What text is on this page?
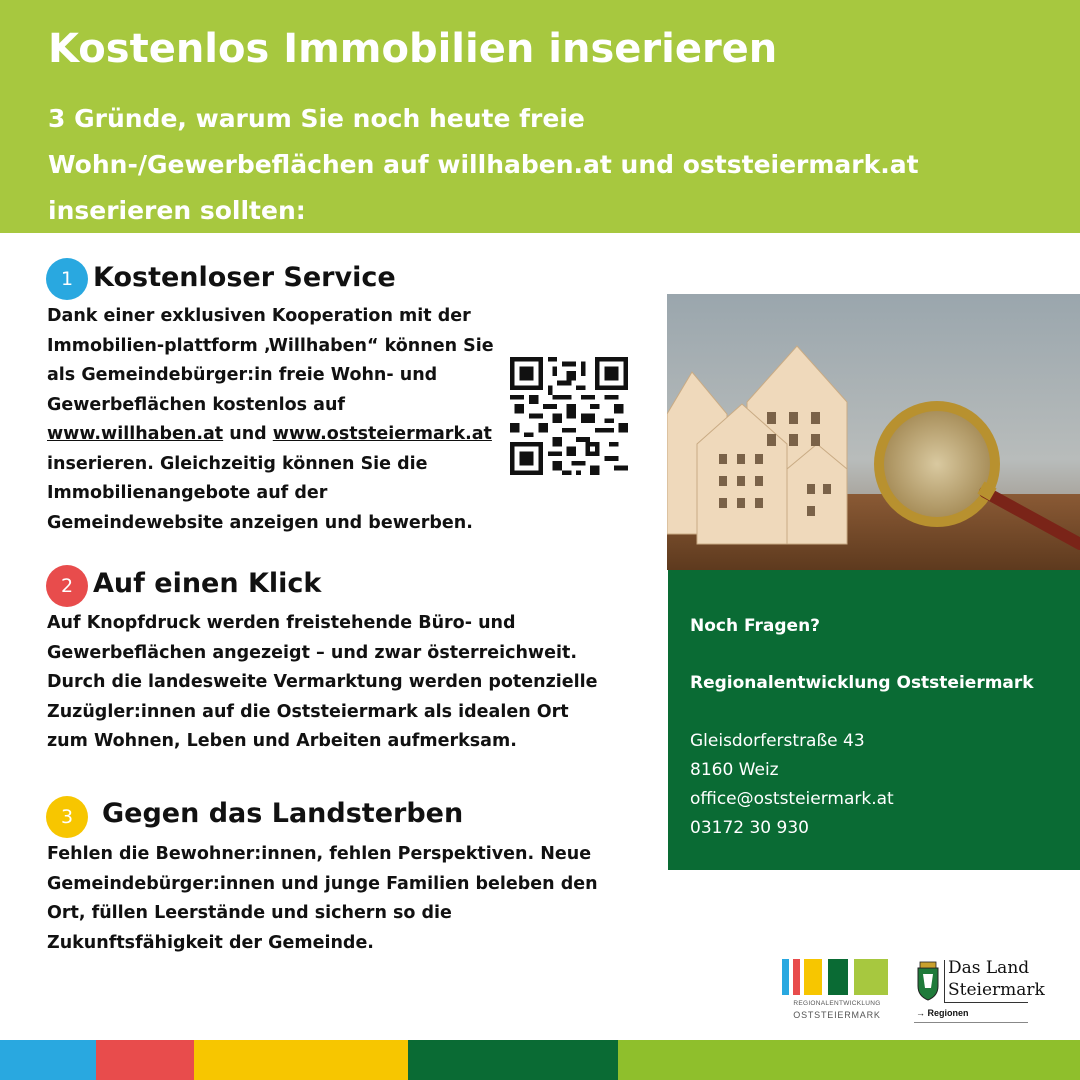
Kostenlos Immobilien inserieren
3 Gründe, warum Sie noch heute freie
Wohn-/Gewerbeflächen auf willhaben.at und oststeiermark.at
inserieren sollten:
1 Kostenloser Service
Dank einer exklusiven Kooperation mit der
Immobilien-plattform ‚Willhaben“ können Sie
als Gemeindebürger:in freie Wohn- und
Gewerbeflächen kostenlos auf
www.willhaben.at und www.oststeiermark.at
inserieren. Gleichzeitig können Sie die
Immobilienangebote auf der
Gemeindewebsite anzeigen und bewerben.
2 Auf einen Klick
Auf Knopfdruck werden freistehende Büro- und
Gewerbeflächen angezeigt – und zwar österreichweit.
Durch die landesweite Vermarktung werden potenzielle
Zuzügler:innen auf die Oststeiermark als idealen Ort
zum Wohnen, Leben und Arbeiten aufmerksam.
3	Gegen das Landsterben
Fehlen die Bewohner:innen, fehlen Perspektiven. Neue
Gemeindebürger:innen und junge Familien beleben den
Ort, füllen Leerstände und sichern so die
Zukunftsfähigkeit der Gemeinde.
Noch Fragen?
Regionalentwicklung Oststeiermark
Gleisdorferstraße 43
8160 Weiz
office@oststeiermark.at
03172 30 930
REGIONALENTWICKLUNG
OSTSTEIERMARK
Das Land
Steiermark
→ Regionen
